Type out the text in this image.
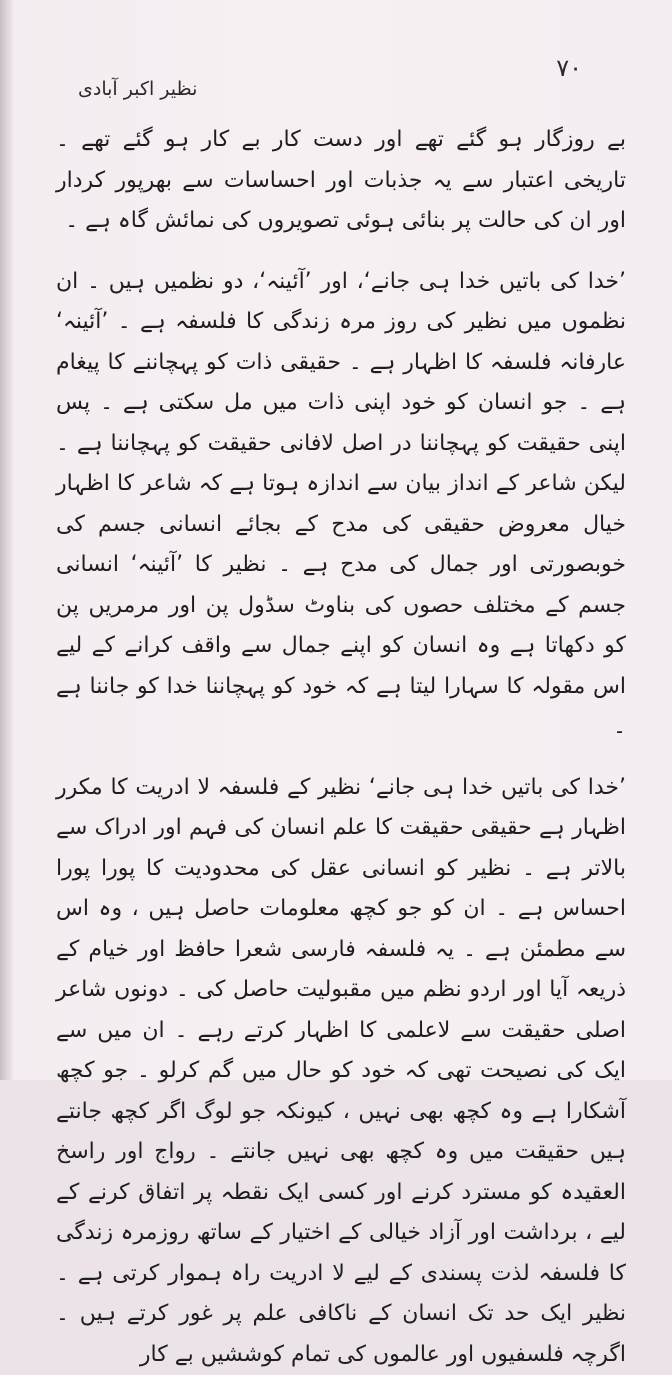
۷۰
نظیر اکبر آبادی

بے روزگار ہو گئے تھے اور دست کار بے کار ہو گئے تھے ۔ تاریخی اعتبار سے یہ جذبات اور احساسات سے بھرپور کردار اور ان کی حالت پر بنائی ہوئی تصویروں کی نمائش گاہ ہے ۔

’خدا کی باتیں خدا ہی جانے‘، اور ’آئینہ‘، دو نظمیں ہیں ۔ ان نظموں میں نظیر کی روز مرہ زندگی کا فلسفہ ہے ۔ ’آئینہ‘ عارفانہ فلسفہ کا اظہار ہے ۔ حقیقی ذات کو پہچاننے کا پیغام ہے ۔ جو انسان کو خود اپنی ذات میں مل سکتی ہے ۔ پس اپنی حقیقت کو پہچاننا در اصل لافانی حقیقت کو پہچاننا ہے ۔ لیکن شاعر کے انداز بیان سے اندازہ ہوتا ہے کہ شاعر کا اظہار خیال معروض حقیقی کی مدح کے بجائے انسانی جسم کی خوبصورتی اور جمال کی مدح ہے ۔ نظیر کا ’آئینہ‘ انسانی جسم کے مختلف حصوں کی بناوٹ سڈول پن اور مرمریں پن کو دکھاتا ہے وہ انسان کو اپنے جمال سے واقف کرانے کے لیے اس مقولہ کا سہارا لیتا ہے کہ خود کو پہچاننا خدا کو جاننا ہے ۔

’خدا کی باتیں خدا ہی جانے‘ نظیر کے فلسفہ لا ادریت کا مکرر اظہار ہے حقیقی حقیقت کا علم انسان کی فہم اور ادراک سے بالاتر ہے ۔ نظیر کو انسانی عقل کی محدودیت کا پورا پورا احساس ہے ۔ ان کو جو کچھ معلومات حاصل ہیں ، وہ اس سے مطمئن ہے ۔ یہ فلسفہ فارسی شعرا حافظ اور خیام کے ذریعہ آیا اور اردو نظم میں مقبولیت حاصل کی ۔ دونوں شاعر اصلی حقیقت سے لاعلمی کا اظہار کرتے رہے ۔ ان میں سے ایک کی نصیحت تھی کہ خود کو حال میں گم کرلو ۔ جو کچھ آشکارا ہے وہ کچھ بھی نہیں ، کیونکہ جو لوگ اگر کچھ جانتے ہیں حقیقت میں وہ کچھ بھی نہیں جانتے ۔ رواج اور راسخ العقیدہ کو مسترد کرنے اور کسی ایک نقطہ پر اتفاق کرنے کے لیے ، برداشت اور آزاد خیالی کے اختیار کے ساتھ روزمرہ زندگی کا فلسفہ لذت پسندی کے لیے لا ادریت راہ ہموار کرتی ہے ۔ نظیر ایک حد تک انسان کے ناکافی علم پر غور کرتے ہیں ۔ اگرچہ فلسفیوں اور عالموں کی تمام کوششیں بے کار
